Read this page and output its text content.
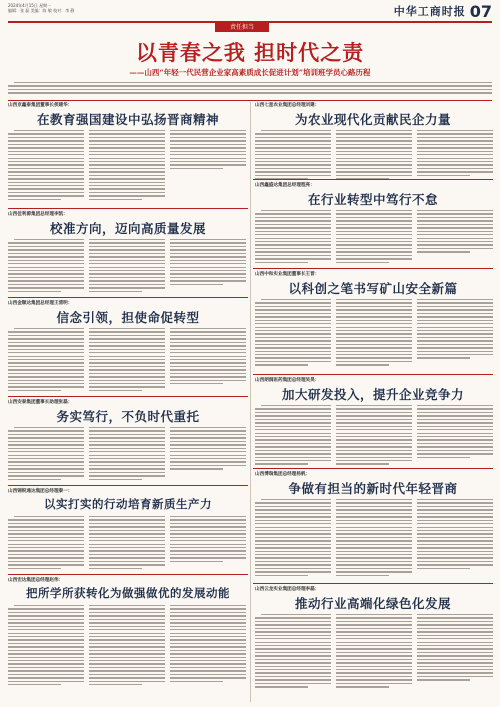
2024年4月15日 星期一
编辑：张 磊 美编：陈 敏 校对：李 静	中华工商时报 07
责任担当
以青春之我 担时代之责
——山西“年轻一代民营企业家高素质成长促进计划”培训班学员心路历程
山西京鑫泰集团董事长侯建华：
在教育强国建设中弘扬晋商精神
山西佳利源集团总经理李凯：
校准方向，迈向高质量发展
山西金顺达集团总经理王清明：
信念引领，担使命促转型
山西安泰集团董事长助理张磊：
务实笃行，不负时代重托
山西锦锐通达集团总经理秦一：
以实打实的行动培育新质生产力
山西宏达集团总经理赵伟：
把所学所获转化为做强做优的发展动能
山西七星农业集团总经理刘建：
为农业现代化贡献民企力量
山西鑫盛达集团总经理程亮：
在行业转型中笃行不怠
山西中和实业集团董事长王晋：
以科创之笔书写矿山安全新篇
山西朗润医药集团总经理吴昊：
加大研发投入，提升企业竞争力
山西博瑞集团总经理杨帆：
争做有担当的新时代年轻晋商
山西云龙实业集团总经理李磊：
推动行业高端化绿色化发展
